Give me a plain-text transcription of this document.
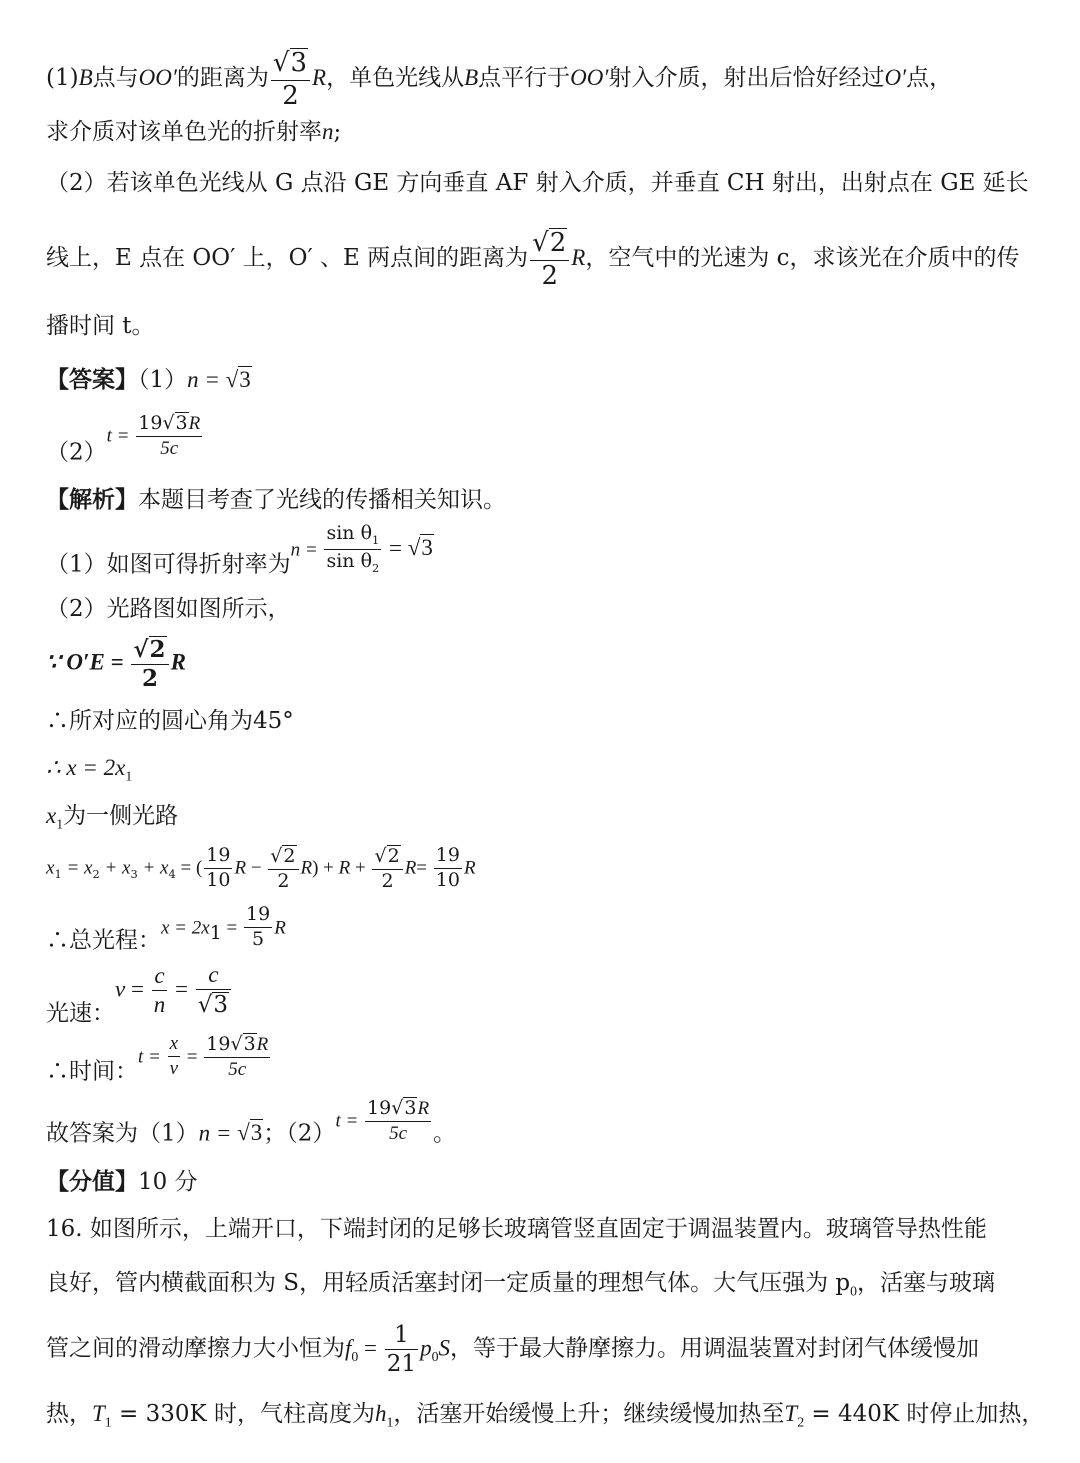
(1)B点与OO′的距离为 $\frac{√3}{2}$ R，单色光线从B点平行于OO′射入介质，射出后恰好经过O′点，
求介质对该单色光的折射率n;
（2）若该单色光线从 G 点沿 GE 方向垂直 AF 射入介质，并垂直 CH 射出，出射点在 GE 延长
线上，E 点在 OO′ 上，O′ 、E 两点间的距离为 $\frac{√2}{2}$ R，空气中的光速为 c，求该光在介质中的传
播时间 t。
【答案】（1）n = √3
$(2)t = \frac{19√3R}{5c}$
【解析】本题目考查了光线的传播相关知识。
（1）如图可得折射率为$n = \frac{\sin \theta_1}{\sin \theta_2} = √3$
（2）光路图如图所示，
∵ $O'E = \frac{√2}{2}$ R
∴所对应的圆心角为45°
∴ $x = 2x_1$
$x_1$为一侧光路
$x_1 = x_2 + x_3 + x_4$ = ( $\frac{19}{10}$ $R - \frac{√2}{2} R) + R + \frac{√2}{2} R= \frac{19}{10}$ R
∴总光程：$x = 2x_1 = \frac{19}{5}$ R
光速：$v = \frac{c}{n} = \frac{c}{√3}$
∴时间：$t = \frac{x}{v} = \frac{19√3R}{5c}$
故答案为（1）n = √3；$(2)t = \frac{19√3R}{5c}$ 。
【分值】10 分
16. 如图所示，上端开口，下端封闭的足够长玻璃管竖直固定于调温装置内。玻璃管导热性能
良好，管内横截面积为 S，用轻质活塞封闭一定质量的理想气体。大气压强为 $p_0$，活塞与玻璃
管之间的滑动摩擦力大小恒为$f_0 = \frac{1}{21} p_0S$，等于最大静摩擦力。用调温装置对封闭气体缓慢加
热，$T_1 = 330K$ 时，气柱高度为$h_1$，活塞开始缓慢上升；继续缓慢加热至$T_2 = 440K$ 时停止加热，
